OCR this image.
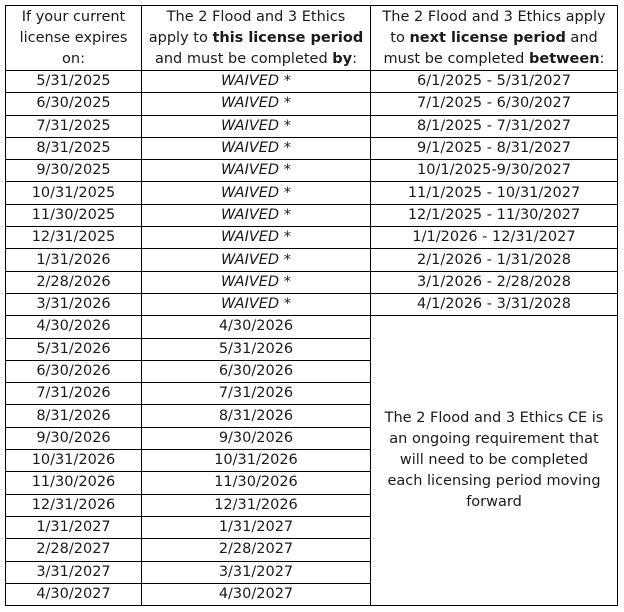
If your current license expires on:	The 2 Flood and 3 Ethics apply to this license period and must be completed by:	The 2 Flood and 3 Ethics apply to next license period and must be completed between:
5/31/2025	WAIVED *	6/1/2025 - 5/31/2027
6/30/2025	WAIVED *	7/1/2025 - 6/30/2027
7/31/2025	WAIVED *	8/1/2025 - 7/31/2027
8/31/2025	WAIVED *	9/1/2025 - 8/31/2027
9/30/2025	WAIVED *	10/1/2025-9/30/2027
10/31/2025	WAIVED *	11/1/2025 - 10/31/2027
11/30/2025	WAIVED *	12/1/2025 - 11/30/2027
12/31/2025	WAIVED *	1/1/2026 - 12/31/2027
1/31/2026	WAIVED *	2/1/2026 - 1/31/2028
2/28/2026	WAIVED *	3/1/2026 - 2/28/2028
3/31/2026	WAIVED *	4/1/2026 - 3/31/2028
4/30/2026	4/30/2026	The 2 Flood and 3 Ethics CE is an ongoing requirement that will need to be completed each licensing period moving forward
5/31/2026	5/31/2026	
6/30/2026	6/30/2026	
7/31/2026	7/31/2026	
8/31/2026	8/31/2026	
9/30/2026	9/30/2026	
10/31/2026	10/31/2026	
11/30/2026	11/30/2026	
12/31/2026	12/31/2026	
1/31/2027	1/31/2027	
2/28/2027	2/28/2027	
3/31/2027	3/31/2027	
4/30/2027	4/30/2027	
